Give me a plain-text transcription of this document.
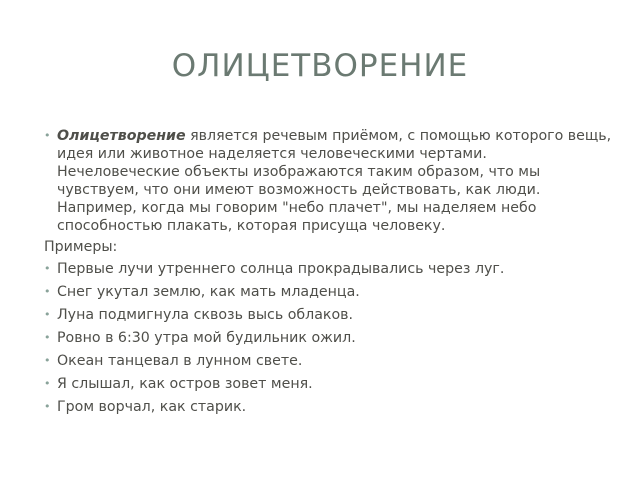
ОЛИЦЕТВОРЕНИЕ
• Олицетворение является речевым приёмом, с помощью которого вещь, идея или животное наделяется человеческими чертами. Нечеловеческие объекты изображаются таким образом, что мы чувствуем, что они имеют возможность действовать, как люди. Например, когда мы говорим "небо плачет", мы наделяем небо способностью плакать, которая присуща человеку.
Примеры:
• Первые лучи утреннего солнца прокрадывались через луг.
• Снег укутал землю, как мать младенца.
• Луна подмигнула сквозь высь облаков.
• Ровно в 6:30 утра мой будильник ожил.
• Океан танцевал в лунном свете.
• Я слышал, как остров зовет меня.
• Гром ворчал, как старик.
